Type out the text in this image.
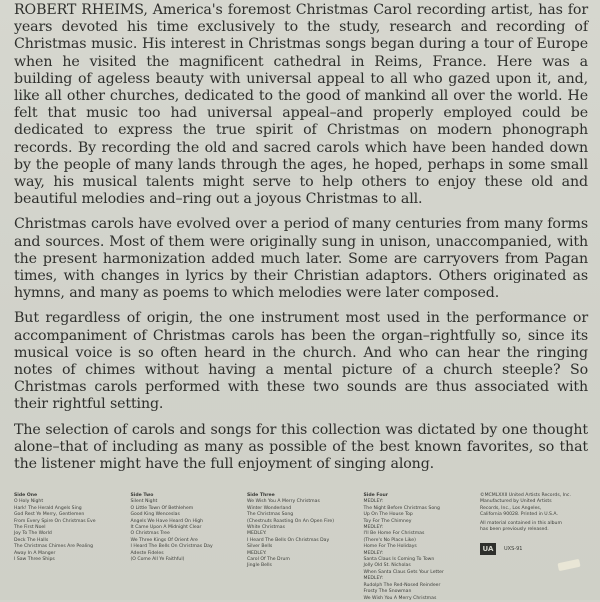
ROBERT RHEIMS, America's foremost Christmas Carol recording artist, has for years devoted his time exclusively to the study, research and recording of Christmas music. His interest in Christmas songs began during a tour of Europe when he visited the magnificent cathedral in Reims, France. Here was a building of ageless beauty with universal appeal to all who gazed upon it, and, like all other churches, dedicated to the good of mankind all over the world. He felt that music too had universal appeal–and properly employed could be dedicated to express the true spirit of Christmas on modern phonograph records. By recording the old and sacred carols which have been handed down by the people of many lands through the ages, he hoped, perhaps in some small way, his musical talents might serve to help others to enjoy these old and beautiful melodies and–ring out a joyous Christmas to all.

Christmas carols have evolved over a period of many centuries from many forms and sources. Most of them were originally sung in unison, unaccompanied, with the present harmonization added much later. Some are carryovers from Pagan times, with changes in lyrics by their Christian adaptors. Others originated as hymns, and many as poems to which melodies were later composed.

But regardless of origin, the one instrument most used in the performance or accompaniment of Christmas carols has been the organ–rightfully so, since its musical voice is so often heard in the church. And who can hear the ringing notes of chimes without having a mental picture of a church steeple? So Christmas carols performed with these two sounds are thus associated with their rightful setting.

The selection of carols and songs for this collection was dictated by one thought alone–that of including as many as possible of the best known favorites, so that the listener might have the full enjoyment of singing along.

Side One
O Holy Night
Hark! The Herald Angels Sing
God Rest Ye Merry, Gentlemen
From Every Spire On Christmas Eve
The First Noel
Joy To The World
Deck The Halls
The Christmas Chimes Are Pealing
Away In A Manger
I Saw Three Ships
Side Two
Silent Night
O Little Town Of Bethlehem
Good King Wenceslas
Angels We Have Heard On High
It Came Upon A Midnight Clear
O Christmas Tree
We Three Kings Of Orient Are
I Heard The Bells On Christmas Day
Adeste Fideles
(O Come All Ye Faithful)
Side Three
We Wish You A Merry Christmas
Winter Wonderland
The Christmas Song
(Chestnuts Roasting On An Open Fire)
White Christmas
MEDLEY:
I Heard The Bells On Christmas Day
Silver Bells
MEDLEY:
Carol Of The Drum
Jingle Bells
Side Four
MEDLEY:
The Night Before Christmas Song
Up On The House Top
Toy For The Chimney
MEDLEY:
I'll Be Home For Christmas
(There's No Place Like)
Home For The Holidays
MEDLEY:
Santa Claus Is Coming To Town
Jolly Old St. Nicholas
When Santa Claus Gets Your Letter
MEDLEY:
Rudolph The Red-Nosed Reindeer
Frosty The Snowman
We Wish You A Merry Christmas
©MCMLXXII United Artists Records, Inc.
Manufactured by United Artists
Records, Inc., Los Angeles,
California 90028. Printed in U.S.A.
All material contained in this album
has been previously released.
UA	UXS-91
